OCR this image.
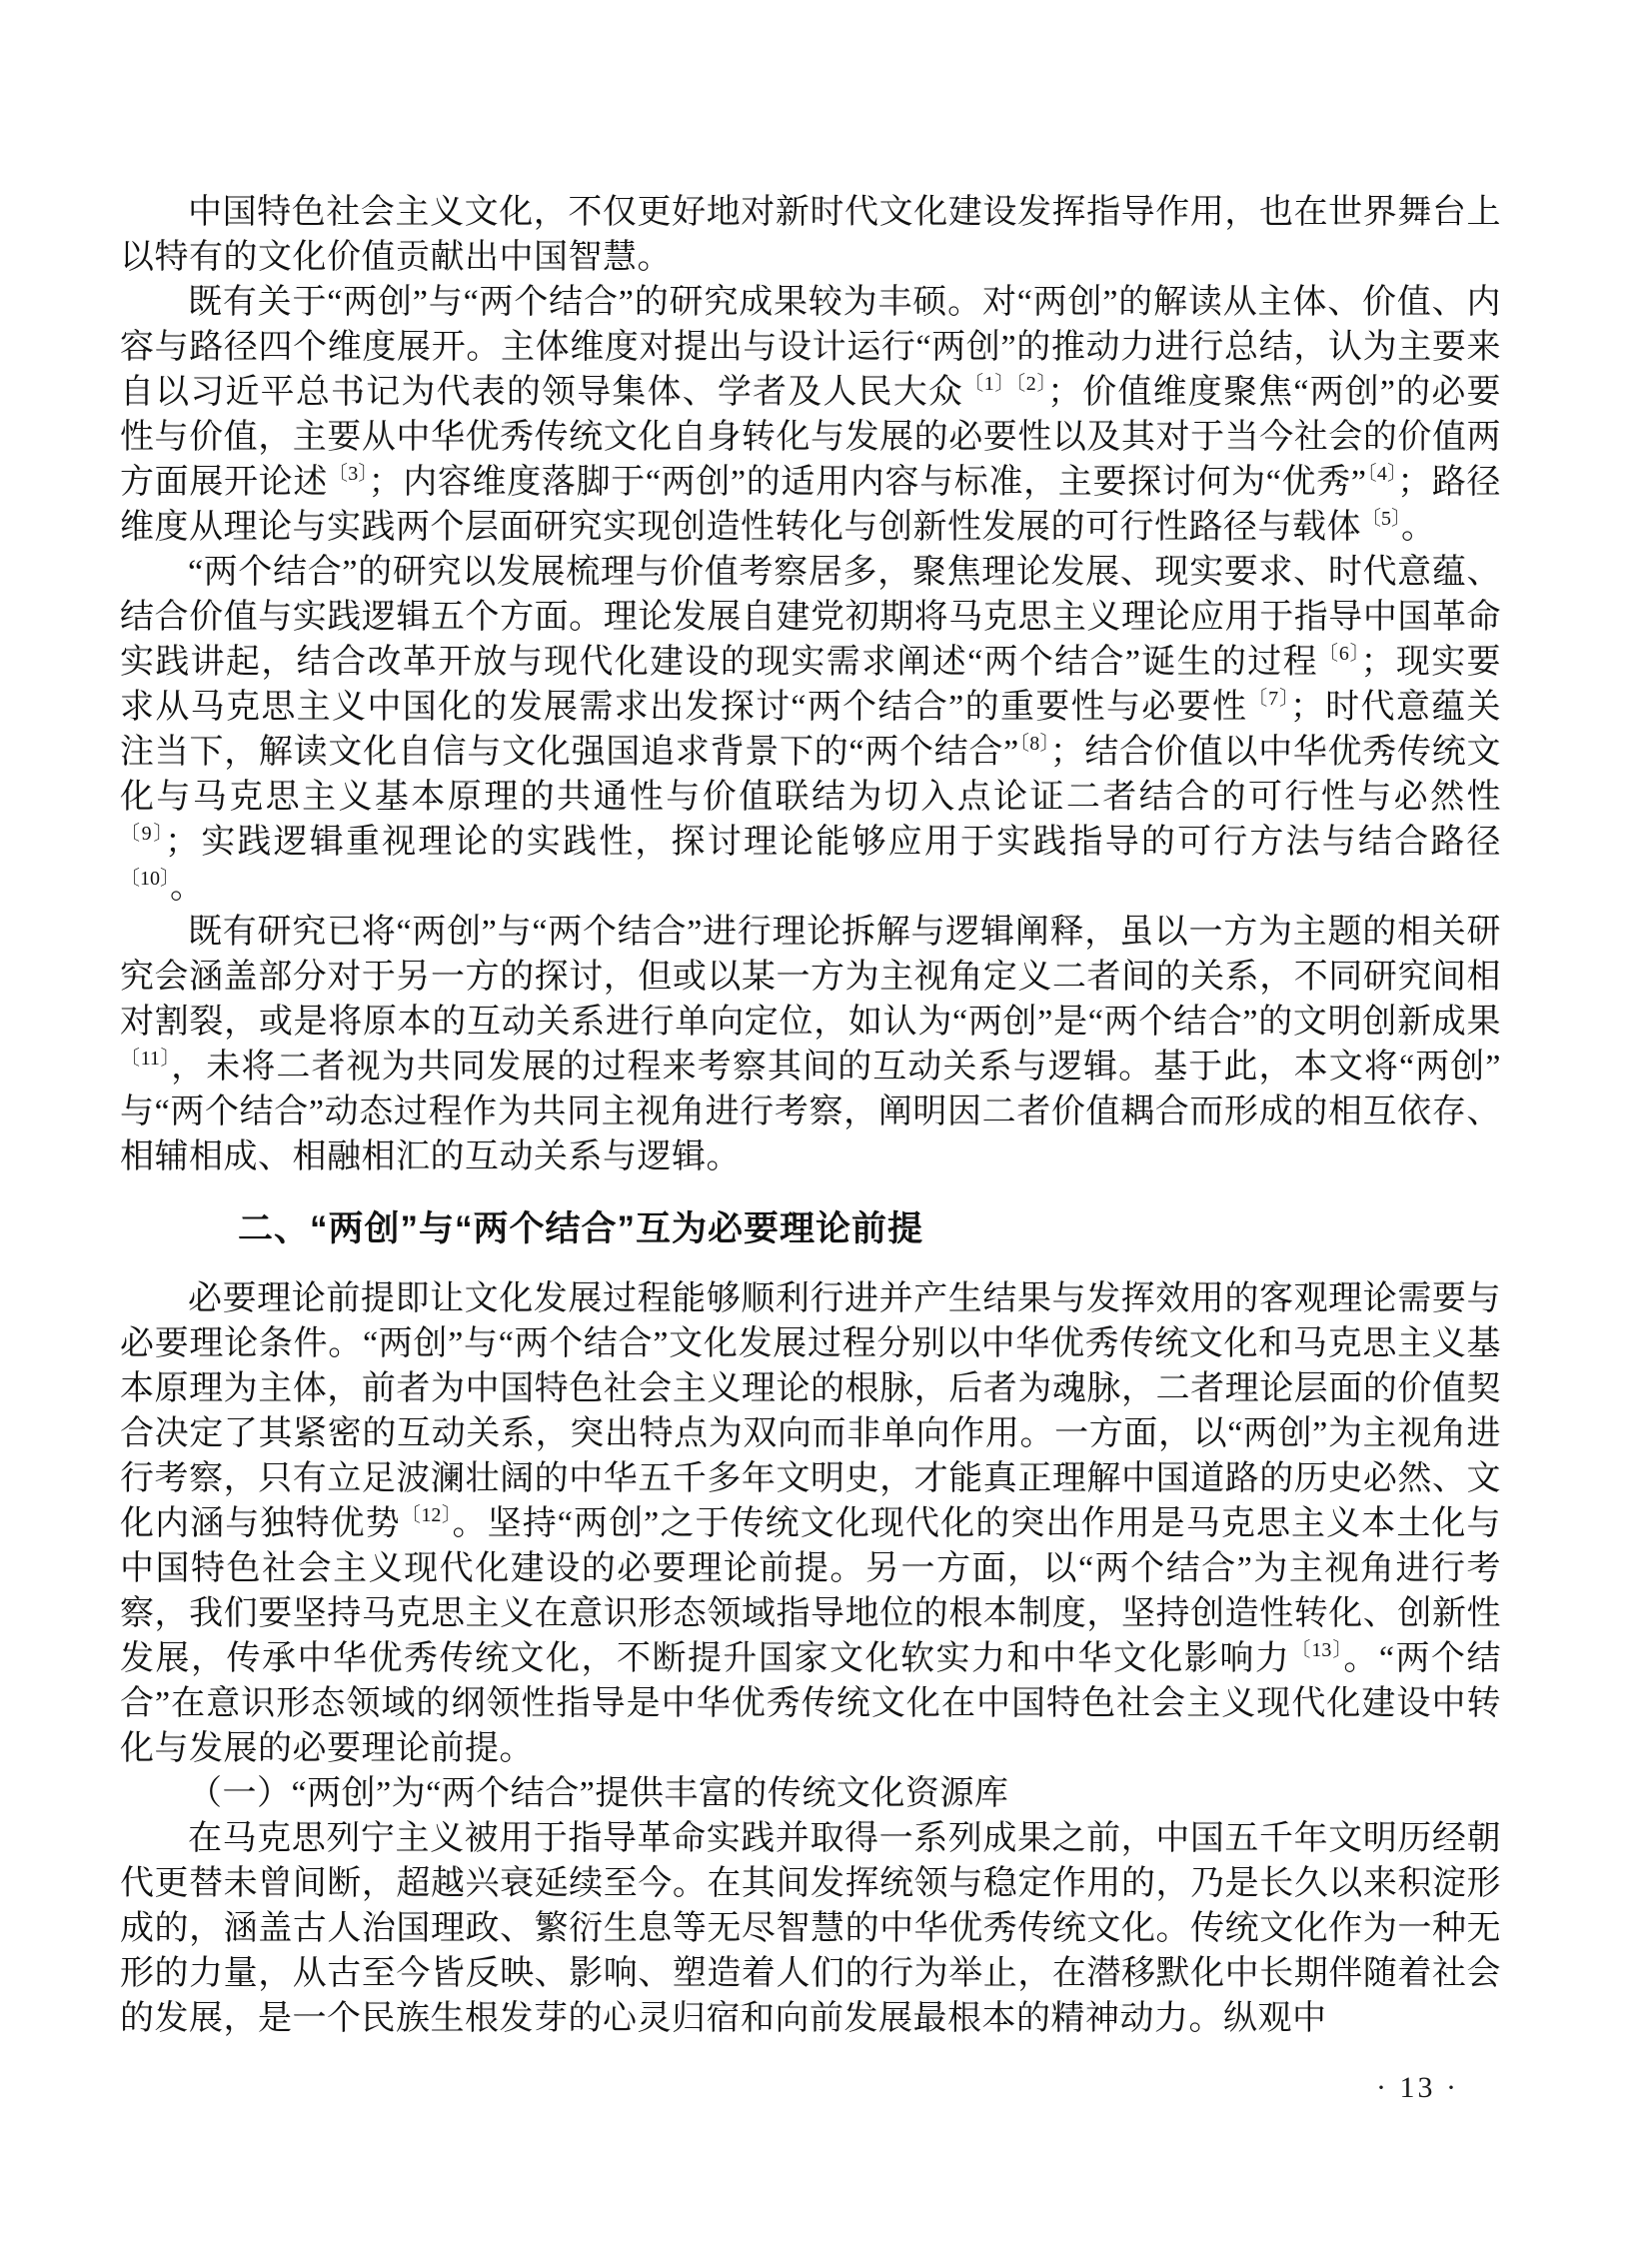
中国特色社会主义文化，不仅更好地对新时代文化建设发挥指导作用，也在世界舞台上以特有的文化价值贡献出中国智慧。

既有关于“两创”与“两个结合”的研究成果较为丰硕。对“两创”的解读从主体、价值、内容与路径四个维度展开。主体维度对提出与设计运行“两创”的推动力进行总结，认为主要来自以习近平总书记为代表的领导集体、学者及人民大众$^{〔1〕〔2〕}$；价值维度聚焦“两创”的必要性与价值，主要从中华优秀传统文化自身转化与发展的必要性以及其对于当今社会的价值两方面展开论述$^{〔3〕}$；内容维度落脚于“两创”的适用内容与标准，主要探讨何为“优秀”$^{〔4〕}$；路径维度从理论与实践两个层面研究实现创造性转化与创新性发展的可行性路径与载体$^{〔5〕}$。

“两个结合”的研究以发展梳理与价值考察居多，聚焦理论发展、现实要求、时代意蕴、结合价值与实践逻辑五个方面。理论发展自建党初期将马克思主义理论应用于指导中国革命实践讲起，结合改革开放与现代化建设的现实需求阐述“两个结合”诞生的过程$^{〔6〕}$；现实要求从马克思主义中国化的发展需求出发探讨“两个结合”的重要性与必要性$^{〔7〕}$；时代意蕴关注当下，解读文化自信与文化强国追求背景下的“两个结合”$^{〔8〕}$；结合价值以中华优秀传统文化与马克思主义基本原理的共通性与价值联结为切入点论证二者结合的可行性与必然性$^{〔9〕}$；实践逻辑重视理论的实践性，探讨理论能够应用于实践指导的可行方法与结合路径$^{〔10〕}$。

既有研究已将“两创”与“两个结合”进行理论拆解与逻辑阐释，虽以一方为主题的相关研究会涵盖部分对于另一方的探讨，但或以某一方为主视角定义二者间的关系，不同研究间相对割裂，或是将原本的互动关系进行单向定位，如认为“两创”是“两个结合”的文明创新成果$^{〔11〕}$，未将二者视为共同发展的过程来考察其间的互动关系与逻辑。基于此，本文将“两创”与“两个结合”动态过程作为共同主视角进行考察，阐明因二者价值耦合而形成的相互依存、相辅相成、相融相汇的互动关系与逻辑。

二、“两创”与“两个结合”互为必要理论前提

必要理论前提即让文化发展过程能够顺利行进并产生结果与发挥效用的客观理论需要与必要理论条件。“两创”与“两个结合”文化发展过程分别以中华优秀传统文化和马克思主义基本原理为主体，前者为中国特色社会主义理论的根脉，后者为魂脉，二者理论层面的价值契合决定了其紧密的互动关系，突出特点为双向而非单向作用。一方面，以“两创”为主视角进行考察，只有立足波澜壮阔的中华五千多年文明史，才能真正理解中国道路的历史必然、文化内涵与独特优势$^{〔12〕}$。坚持“两创”之于传统文化现代化的突出作用是马克思主义本土化与中国特色社会主义现代化建设的必要理论前提。另一方面，以“两个结合”为主视角进行考察，我们要坚持马克思主义在意识形态领域指导地位的根本制度，坚持创造性转化、创新性发展，传承中华优秀传统文化，不断提升国家文化软实力和中华文化影响力$^{〔13〕}$。“两个结合”在意识形态领域的纲领性指导是中华优秀传统文化在中国特色社会主义现代化建设中转化与发展的必要理论前提。

（一）“两创”为“两个结合”提供丰富的传统文化资源库

在马克思列宁主义被用于指导革命实践并取得一系列成果之前，中国五千年文明历经朝代更替未曾间断，超越兴衰延续至今。在其间发挥统领与稳定作用的，乃是长久以来积淀形成的，涵盖古人治国理政、繁衍生息等无尽智慧的中华优秀传统文化。传统文化作为一种无形的力量，从古至今皆反映、影响、塑造着人们的行为举止，在潜移默化中长期伴随着社会的发展，是一个民族生根发芽的心灵归宿和向前发展最根本的精神动力。纵观中

· 13 ·
